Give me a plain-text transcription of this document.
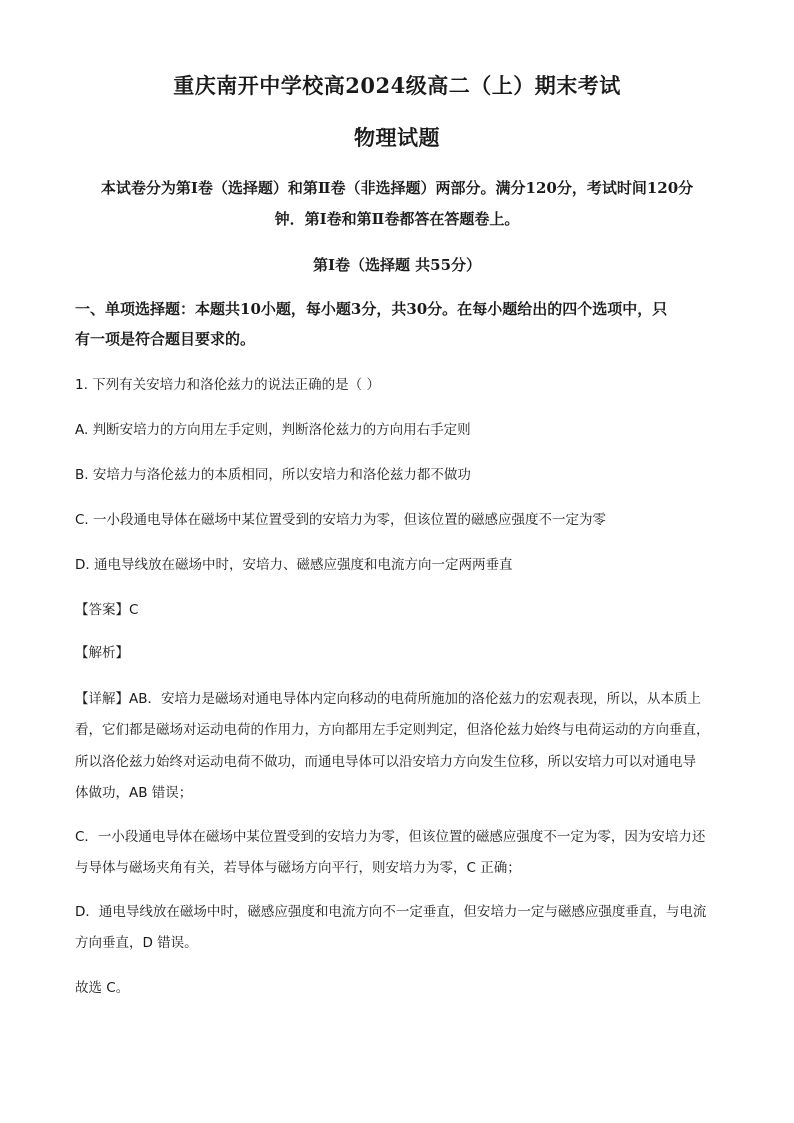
重庆南开中学校高2024级高二（上）期末考试
物理试题
本试卷分为第Ⅰ卷（选择题）和第Ⅱ卷（非选择题）两部分。满分120分，考试时间120分
钟．第Ⅰ卷和第Ⅱ卷都答在答题卷上。
第Ⅰ卷（选择题 共55分）
一、单项选择题：本题共10小题，每小题3分，共30分。在每小题给出的四个选项中，只
有一项是符合题目要求的。
1. 下列有关安培力和洛伦兹力的说法正确的是（ ）
A. 判断安培力的方向用左手定则，判断洛伦兹力的方向用右手定则
B. 安培力与洛伦兹力的本质相同，所以安培力和洛伦兹力都不做功
C. 一小段通电导体在磁场中某位置受到的安培力为零，但该位置的磁感应强度不一定为零
D. 通电导线放在磁场中时，安培力、磁感应强度和电流方向一定两两垂直
【答案】C
【解析】
【详解】AB．安培力是磁场对通电导体内定向移动的电荷所施加的洛伦兹力的宏观表现，所以，从本质上
看，它们都是磁场对运动电荷的作用力，方向都用左手定则判定，但洛伦兹力始终与电荷运动的方向垂直，
所以洛伦兹力始终对运动电荷不做功，而通电导体可以沿安培力方向发生位移，所以安培力可以对通电导
体做功，AB 错误；
C．一小段通电导体在磁场中某位置受到的安培力为零，但该位置的磁感应强度不一定为零，因为安培力还
与导体与磁场夹角有关，若导体与磁场方向平行，则安培力为零，C 正确；
D．通电导线放在磁场中时，磁感应强度和电流方向不一定垂直，但安培力一定与磁感应强度垂直，与电流
方向垂直，D 错误。
故选 C。
